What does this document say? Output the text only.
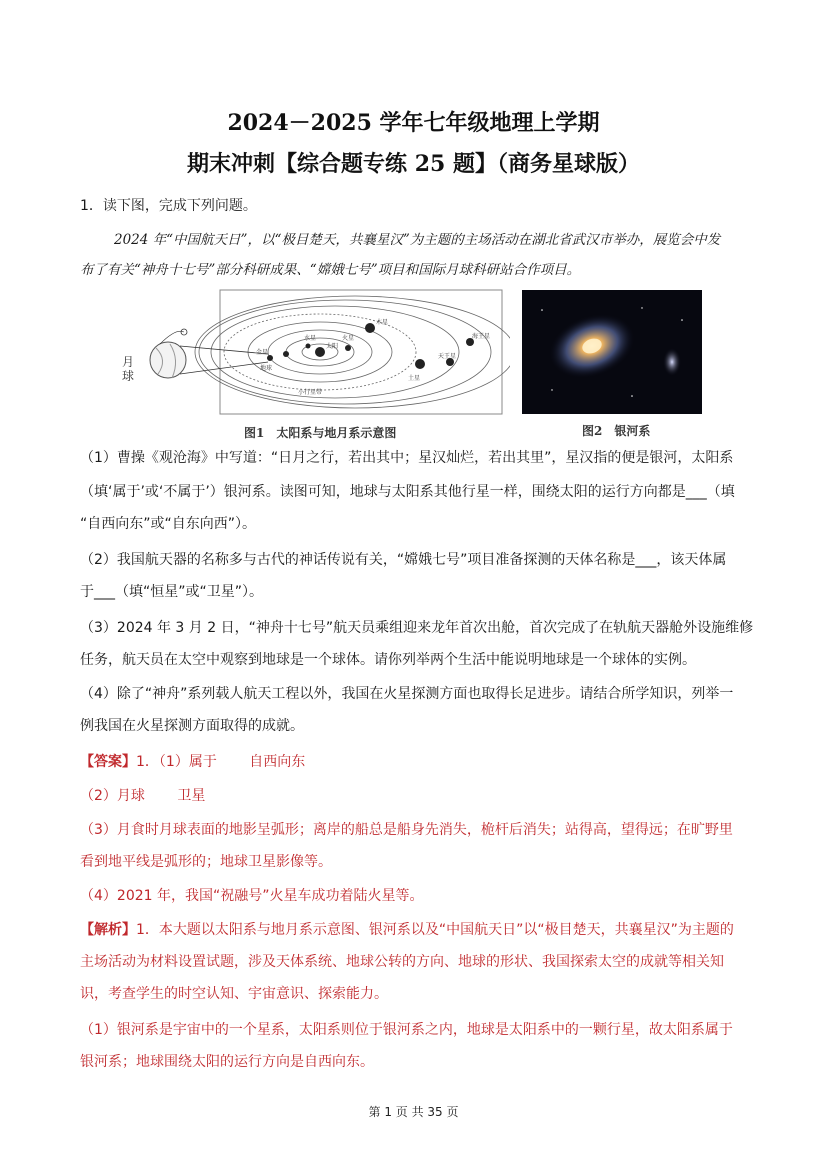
2024－2025 学年七年级地理上学期
期末冲刺【综合题专练 25 题】（商务星球版）
1．读下图，完成下列问题。
2024 年“中国航天日”，以“极目楚天，共襄星汉”为主题的主场活动在湖北省武汉市举办，展览会中发
布了有关“神舟十七号”部分科研成果、“嫦娥七号”项目和国际月球科研站合作项目。
月球
金星
地球
水星
太阳
火星
木星
土星
天王星
海王星
小行星带
图1　太阳系与地月系示意图	图2　银河系
（1）曹操《观沧海》中写道：“日月之行，若出其中；星汉灿烂，若出其里”，星汉指的便是银河，太阳系
（填‘属于’或‘不属于’）银河系。读图可知，地球与太阳系其他行星一样，围绕太阳的运行方向都是___（填
“自西向东”或“自东向西”）。
（2）我国航天器的名称多与古代的神话传说有关，“嫦娥七号”项目准备探测的天体名称是___，该天体属
于___（填“恒星”或“卫星”）。
（3）2024 年 3 月 2 日，“神舟十七号”航天员乘组迎来龙年首次出舱，首次完成了在轨航天器舱外设施维修
任务，航天员在太空中观察到地球是一个球体。请你列举两个生活中能说明地球是一个球体的实例。
（4）除了“神舟”系列载人航天工程以外，我国在火星探测方面也取得长足进步。请结合所学知识，列举一
例我国在火星探测方面取得的成就。
【答案】1．（1）属于　　 自西向东
（2）月球　　 卫星
（3）月食时月球表面的地影呈弧形；离岸的船总是船身先消失，桅杆后消失；站得高，望得远；在旷野里
看到地平线是弧形的；地球卫星影像等。
（4）2021 年，我国“祝融号”火星车成功着陆火星等。
【解析】1．本大题以太阳系与地月系示意图、银河系以及“中国航天日”以“极目楚天，共襄星汉”为主题的
主场活动为材料设置试题，涉及天体系统、地球公转的方向、地球的形状、我国探索太空的成就等相关知
识，考查学生的时空认知、宇宙意识、探索能力。
（1）银河系是宇宙中的一个星系，太阳系则位于银河系之内，地球是太阳系中的一颗行星，故太阳系属于
银河系；地球围绕太阳的运行方向是自西向东。
第 1 页 共 35 页
